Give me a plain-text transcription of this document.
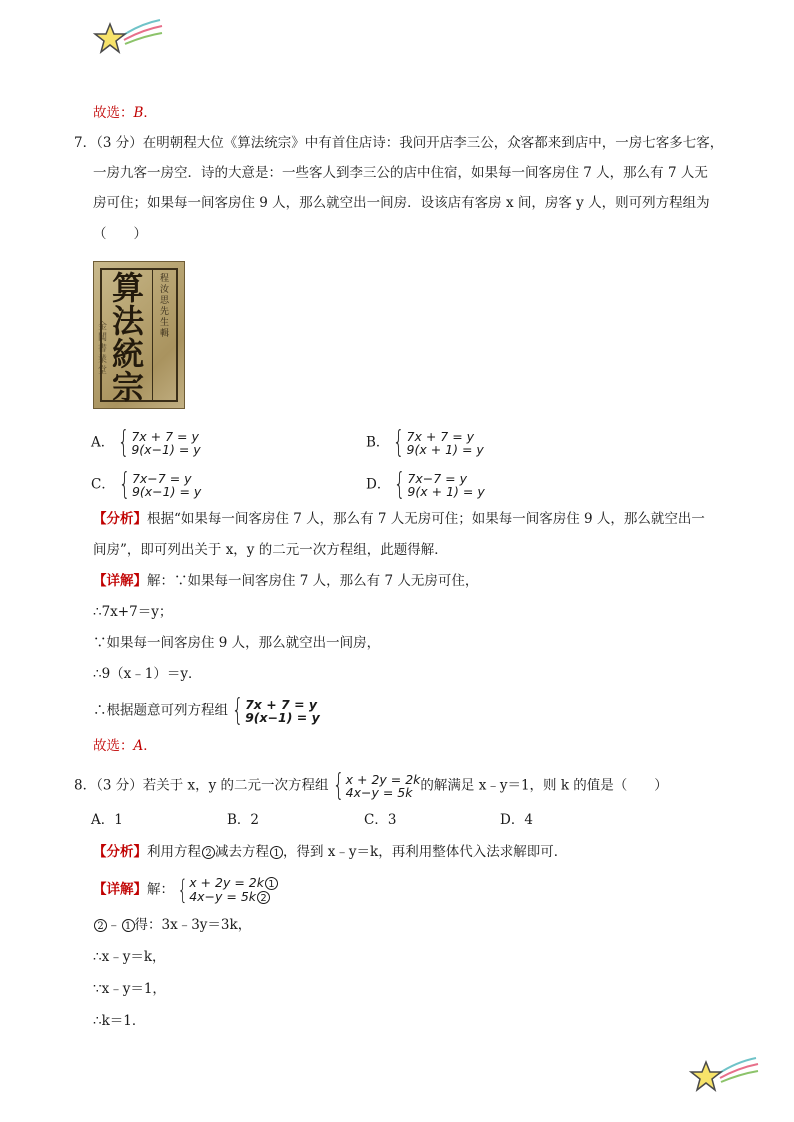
故选：B．
7．（3 分）在明朝程大位《算法统宗》中有首住店诗：我问开店李三公，众客都来到店中，一房七客多七客，
一房九客一房空．诗的大意是：一些客人到李三公的店中住宿，如果每一间客房住 7 人，那么有 7 人无
房可住；如果每一间客房住 9 人，那么就空出一间房．设该店有客房 x 间，房客 y 人，则可列方程组为
（　　）
算
法
統
宗
程汝思先生輯
金閶書業堂
A． { 7x + 7 = y
9(x−1) = y	B． { 7x + 7 = y
9(x + 1) = y
C． { 7x−7 = y
9(x−1) = y	D． { 7x−7 = y
9(x + 1) = y
【分析】根据“如果每一间客房住 7 人，那么有 7 人无房可住；如果每一间客房住 9 人，那么就空出一
间房”，即可列出关于 x，y 的二元一次方程组，此题得解．
【详解】解：∵如果每一间客房住 7 人，那么有 7 人无房可住，
∴7x+7＝y；
∵如果每一间客房住 9 人，那么就空出一间房，
∴9（x﹣1）＝y．
∴根据题意可列方程组 { 7x + 7 = y
9(x−1) = y
故选：A．
8．（3 分）若关于 x，y 的二元一次方程组 { x + 2y = 2k
4x−y = 5k 的解满足 x﹣y＝1，则 k 的值是（　　）
A．1	B．2	C．3	D．4
【分析】利用方程 2 减去方程 1 ，得到 x﹣y＝k，再利用整体代入法求解即可．
【详解】解： { x + 2y = 2k 1
4x−y = 5k 2
2 ﹣ 1 得：3x﹣3y＝3k，
∴x﹣y＝k，
∵x﹣y＝1，
∴k＝1．
